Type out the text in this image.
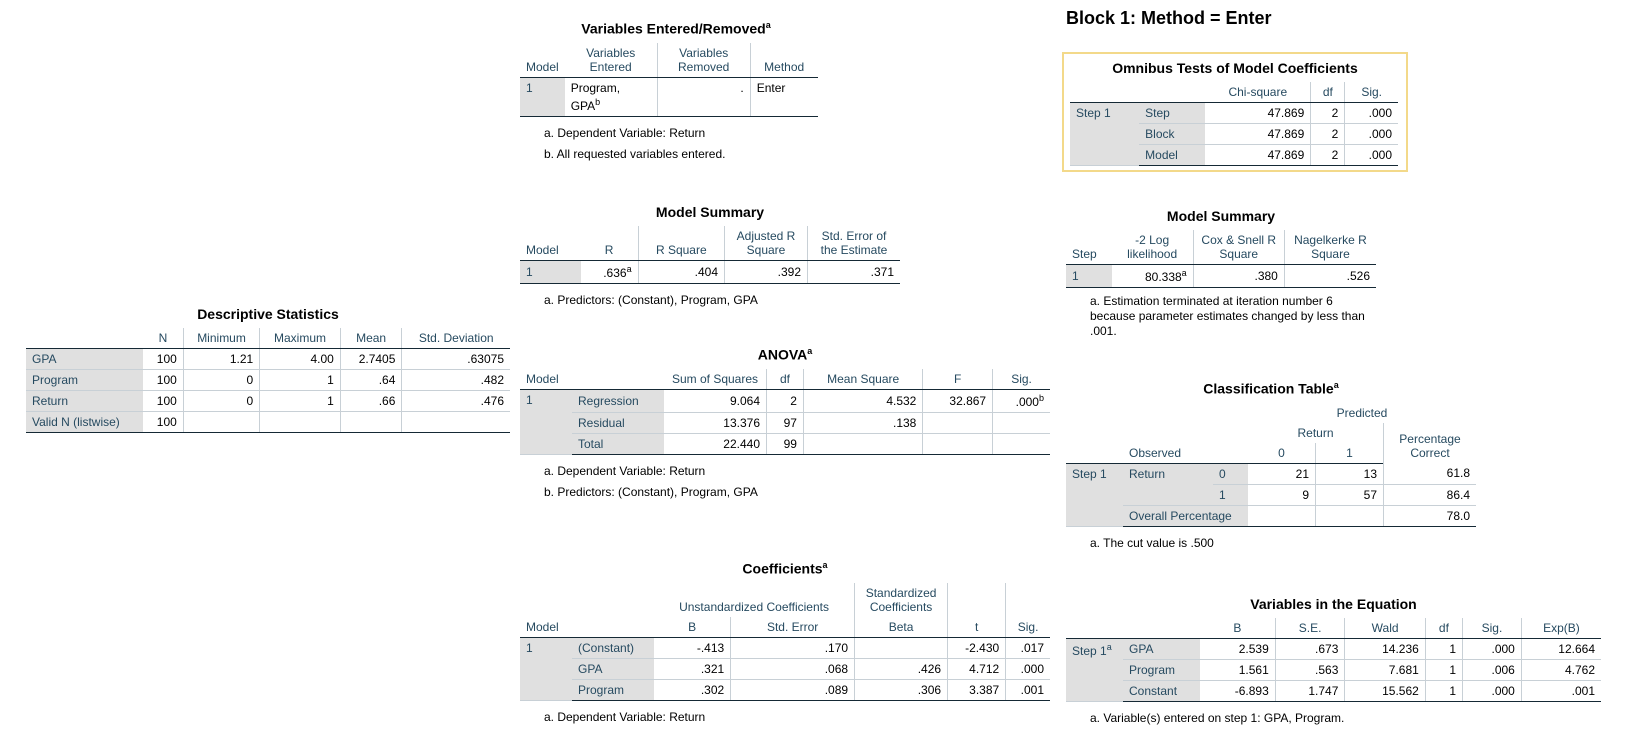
Descriptive Statistics
	N	Minimum	Maximum	Mean	Std. Deviation
GPA	100	1.21	4.00	2.7405	.63075
Program	100	0	1	.64	.482
Return	100	0	1	.66	.476
Valid N (listwise)	100				
Variables Entered/Removed$^a$
Model	Variables Entered	Variables Removed	Method
1	Program, GPA$^b$	.	Enter
a. Dependent Variable: Return
b. All requested variables entered.
Model Summary
Model	R	R Square	Adjusted R Square	Std. Error of the Estimate
1	.636$^a$	.404	.392	.371
a. Predictors: (Constant), Program, GPA
ANOVA$^a$
Model		Sum of Squares	df	Mean Square	F	Sig.
1	Regression	9.064	2	4.532	32.867	.000$^b$
	Residual	13.376	97	.138		
	Total	22.440	99			
a. Dependent Variable: Return
b. Predictors: (Constant), Program, GPA
Coefficients$^a$
		Unstandardized Coefficients		Standardized Coefficients		
Model		B	Std. Error	Beta	t	Sig.
1	(Constant)	-.413	.170		-2.430	.017
	GPA	.321	.068	.426	4.712	.000
	Program	.302	.089	.306	3.387	.001
a. Dependent Variable: Return
Block 1: Method = Enter
Omnibus Tests of Model Coefficients
		Chi-square	df	Sig.
Step 1	Step	47.869	2	.000
	Block	47.869	2	.000
	Model	47.869	2	.000
Model Summary
Step	-2 Log likelihood	Cox & Snell R Square	Nagelkerke R Square
1	80.338$^a$	.380	.526
a. Estimation terminated at iteration number 6 because parameter estimates changed by less than .001.
Classification Table$^a$
			Predicted		
			Return		Percentage Correct
	Observed		0	1	
Step 1	Return	0	21	13	61.8
		1	9	57	86.4
	Overall Percentage				78.0
a. The cut value is .500
Variables in the Equation
		B	S.E.	Wald	df	Sig.	Exp(B)
Step 1$^a$	GPA	2.539	.673	14.236	1	.000	12.664
	Program	1.561	.563	7.681	1	.006	4.762
	Constant	-6.893	1.747	15.562	1	.000	.001
a. Variable(s) entered on step 1: GPA, Program.
